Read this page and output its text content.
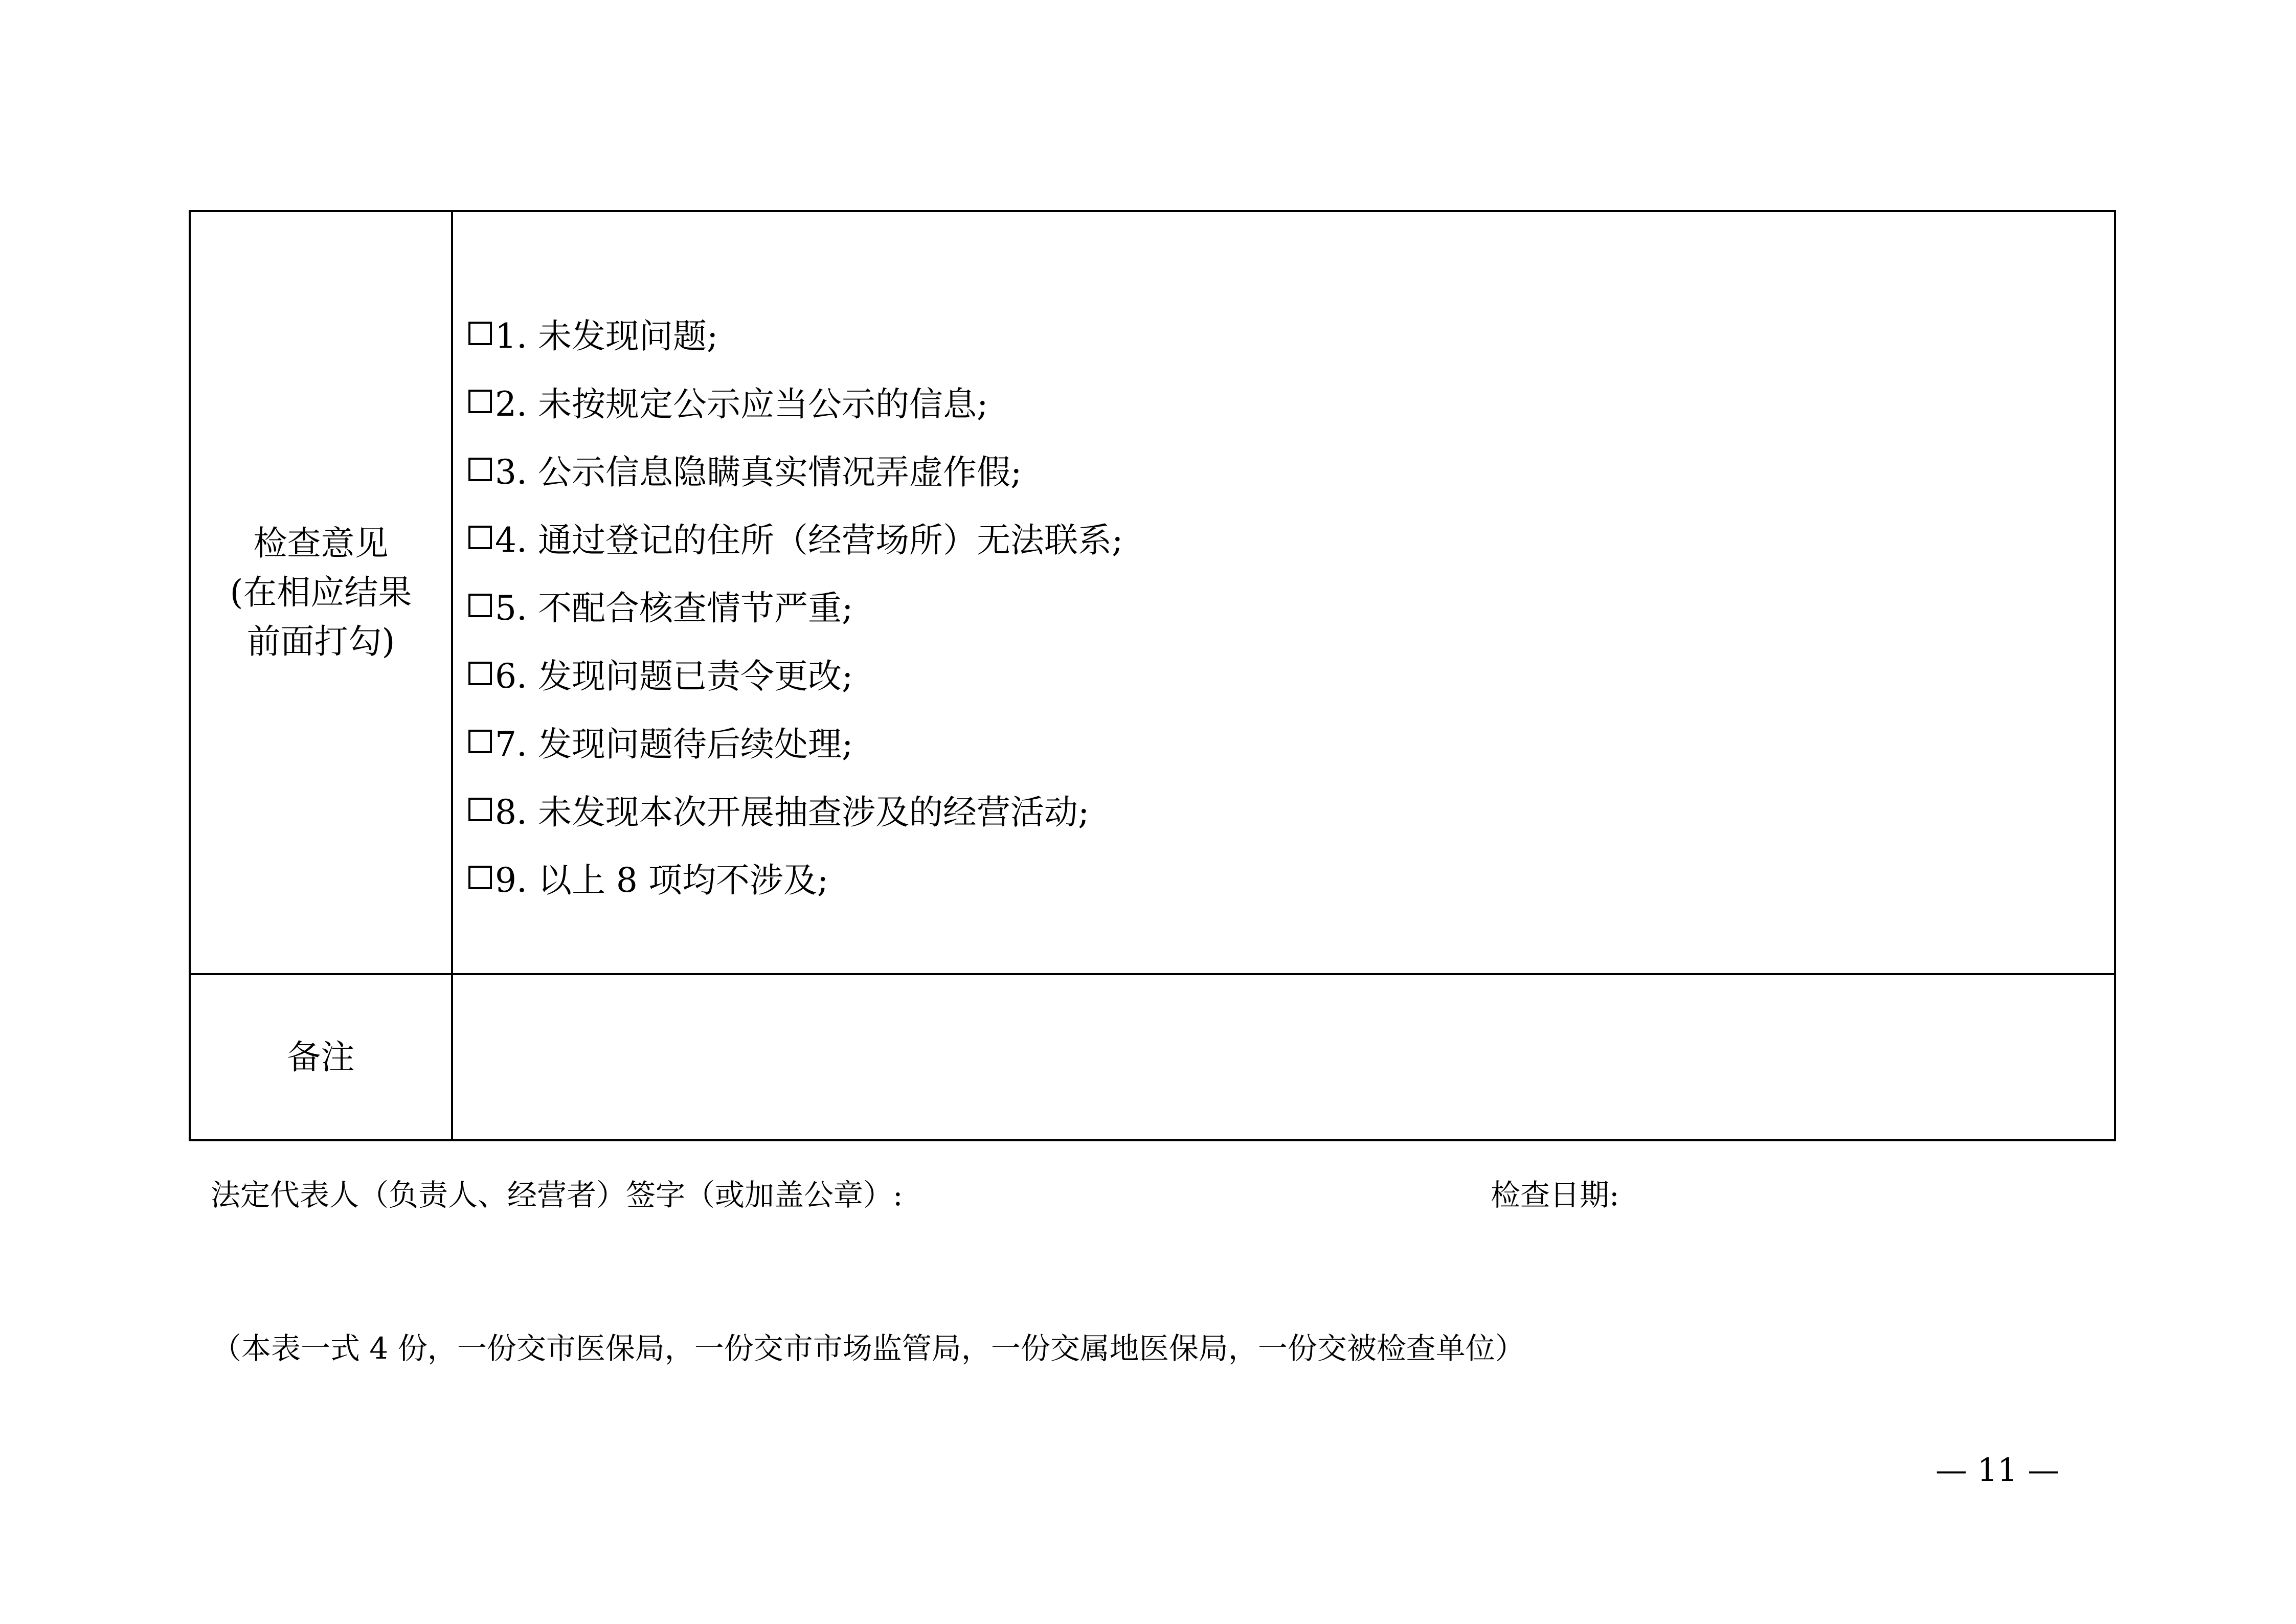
检查意见
(在相应结果
前面打勾)
1. 未发现问题;
2. 未按规定公示应当公示的信息;
3. 公示信息隐瞒真实情况弄虚作假;
4. 通过登记的住所（经营场所）无法联系;
5. 不配合核查情节严重;
6. 发现问题已责令更改;
7. 发现问题待后续处理;
8. 未发现本次开展抽查涉及的经营活动;
9. 以上 8 项均不涉及;
备注
法定代表人（负责人、经营者）签字（或加盖公章）:	检查日期:
（本表一式 4 份，一份交市医保局，一份交市市场监管局，一份交属地医保局，一份交被检查单位）
— 11 —
